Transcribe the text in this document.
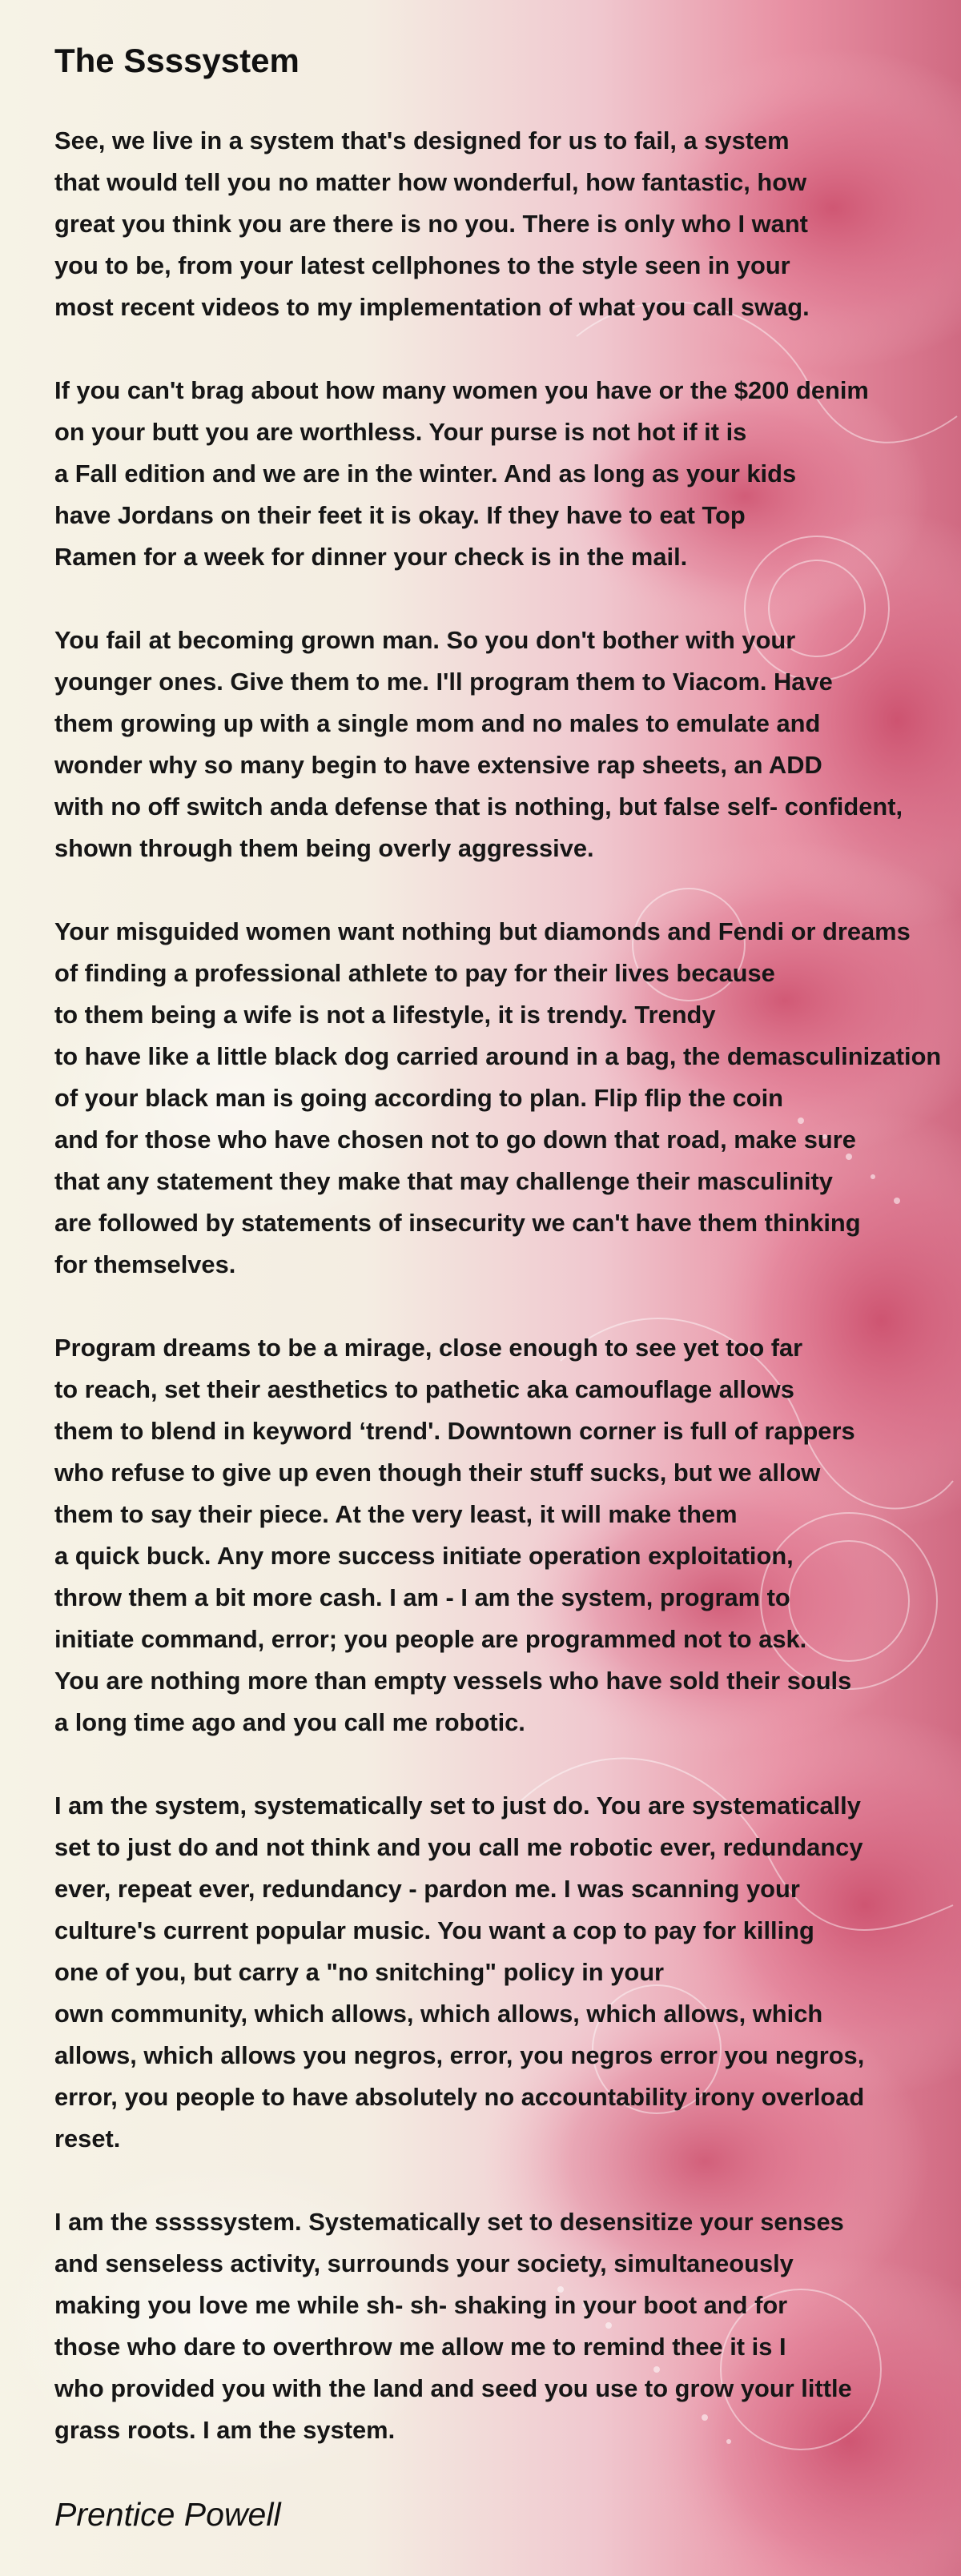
The Ssssystem
See, we live in a system that's designed for us to fail, a system
that would tell you no matter how wonderful, how fantastic, how
great you think you are there is no you. There is only who I want
you to be, from your latest cellphones to the style seen in your
most recent videos to my implementation of what you call swag.
If you can't brag about how many women you have or the $200 denim
on your butt you are worthless. Your purse is not hot if it is
a Fall edition and we are in the winter. And as long as your kids
have Jordans on their feet it is okay. If they have to eat Top
Ramen for a week for dinner your check is in the mail.
You fail at becoming grown man. So you don't bother with your
younger ones. Give them to me. I'll program them to Viacom. Have
them growing up with a single mom and no males to emulate and
wonder why so many begin to have extensive rap sheets, an ADD
with no off switch anda defense that is nothing, but false self- confident,
shown through them being overly aggressive.
Your misguided women want nothing but diamonds and Fendi or dreams
of finding a professional athlete to pay for their lives because
to them being a wife is not a lifestyle, it is trendy. Trendy
to have like a little black dog carried around in a bag, the demasculinization
of your black man is going according to plan. Flip flip the coin
and for those who have chosen not to go down that road, make sure
that any statement they make that may challenge their masculinity
are followed by statements of insecurity we can't have them thinking
for themselves.
Program dreams to be a mirage, close enough to see yet too far
to reach, set their aesthetics to pathetic aka camouflage allows
them to blend in keyword ‘trend'. Downtown corner is full of rappers
who refuse to give up even though their stuff sucks, but we allow
them to say their piece. At the very least, it will make them
a quick buck. Any more success initiate operation exploitation,
throw them a bit more cash. I am - I am the system, program to
initiate command, error; you people are programmed not to ask.
You are nothing more than empty vessels who have sold their souls
a long time ago and you call me robotic.
I am the system, systematically set to just do. You are systematically
set to just do and not think and you call me robotic ever, redundancy
ever, repeat ever, redundancy - pardon me. I was scanning your
culture's current popular music. You want a cop to pay for killing
one of you, but carry a "no snitching" policy in your
own community, which allows, which allows, which allows, which
allows, which allows you negros, error, you negros error you negros,
error, you people to have absolutely no accountability irony overload
reset.
I am the sssssystem. Systematically set to desensitize your senses
and senseless activity, surrounds your society, simultaneously
making you love me while sh- sh- shaking in your boot and for
those who dare to overthrow me allow me to remind thee it is I
who provided you with the land and seed you use to grow your little
grass roots. I am the system.

Prentice Powell
